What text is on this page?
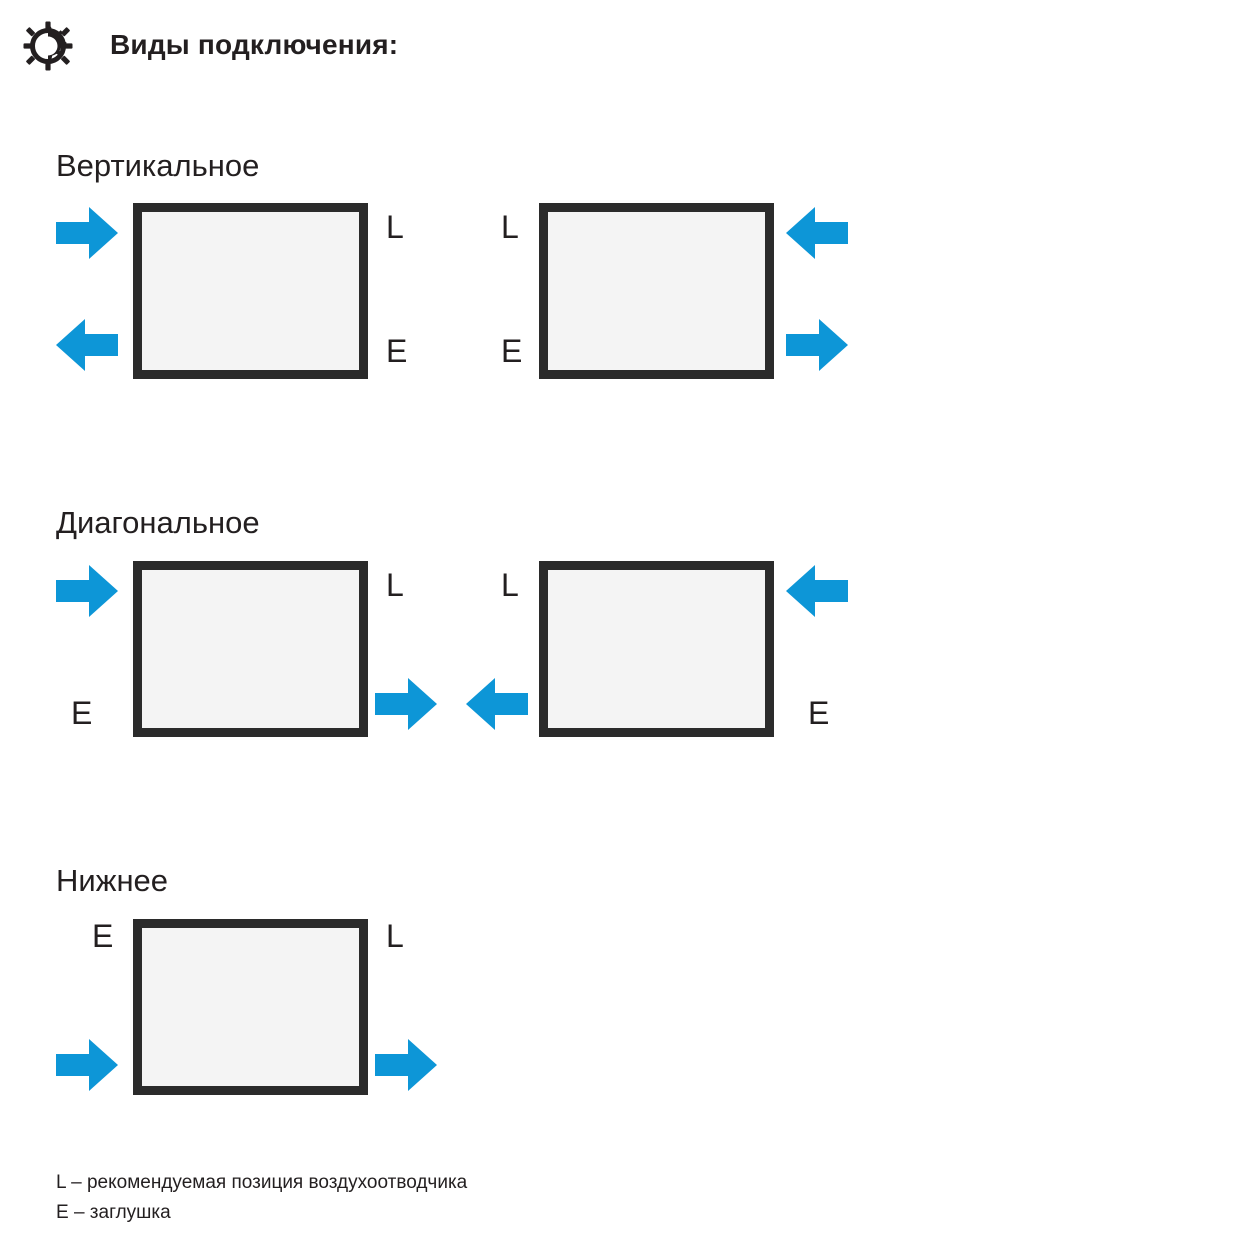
Виды подключения:
Вертикальное
L
E
L
E
Диагональное
L
E
L
E
Нижнее
E	L
L – рекомендуемая позиция воздухоотводчика
E – заглушка
